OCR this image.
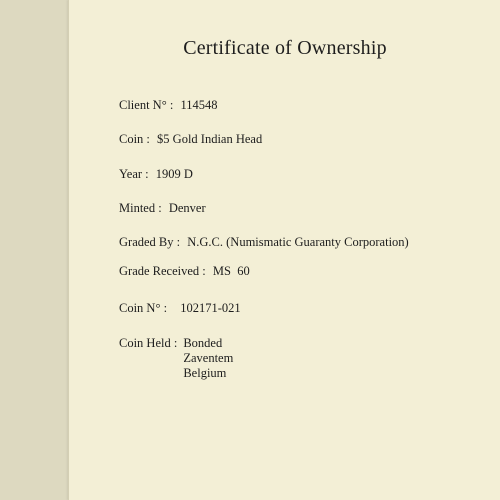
Certificate of Ownership
Client N° : 114548
Coin : $5 Gold Indian Head
Year : 1909 D
Minted : Denver
Graded By : N.G.C. (Numismatic Guaranty Corporation)
Grade Received : MS  60
Coin N° : 102171-021
Coin Held : Bonded
Zaventem
Belgium
